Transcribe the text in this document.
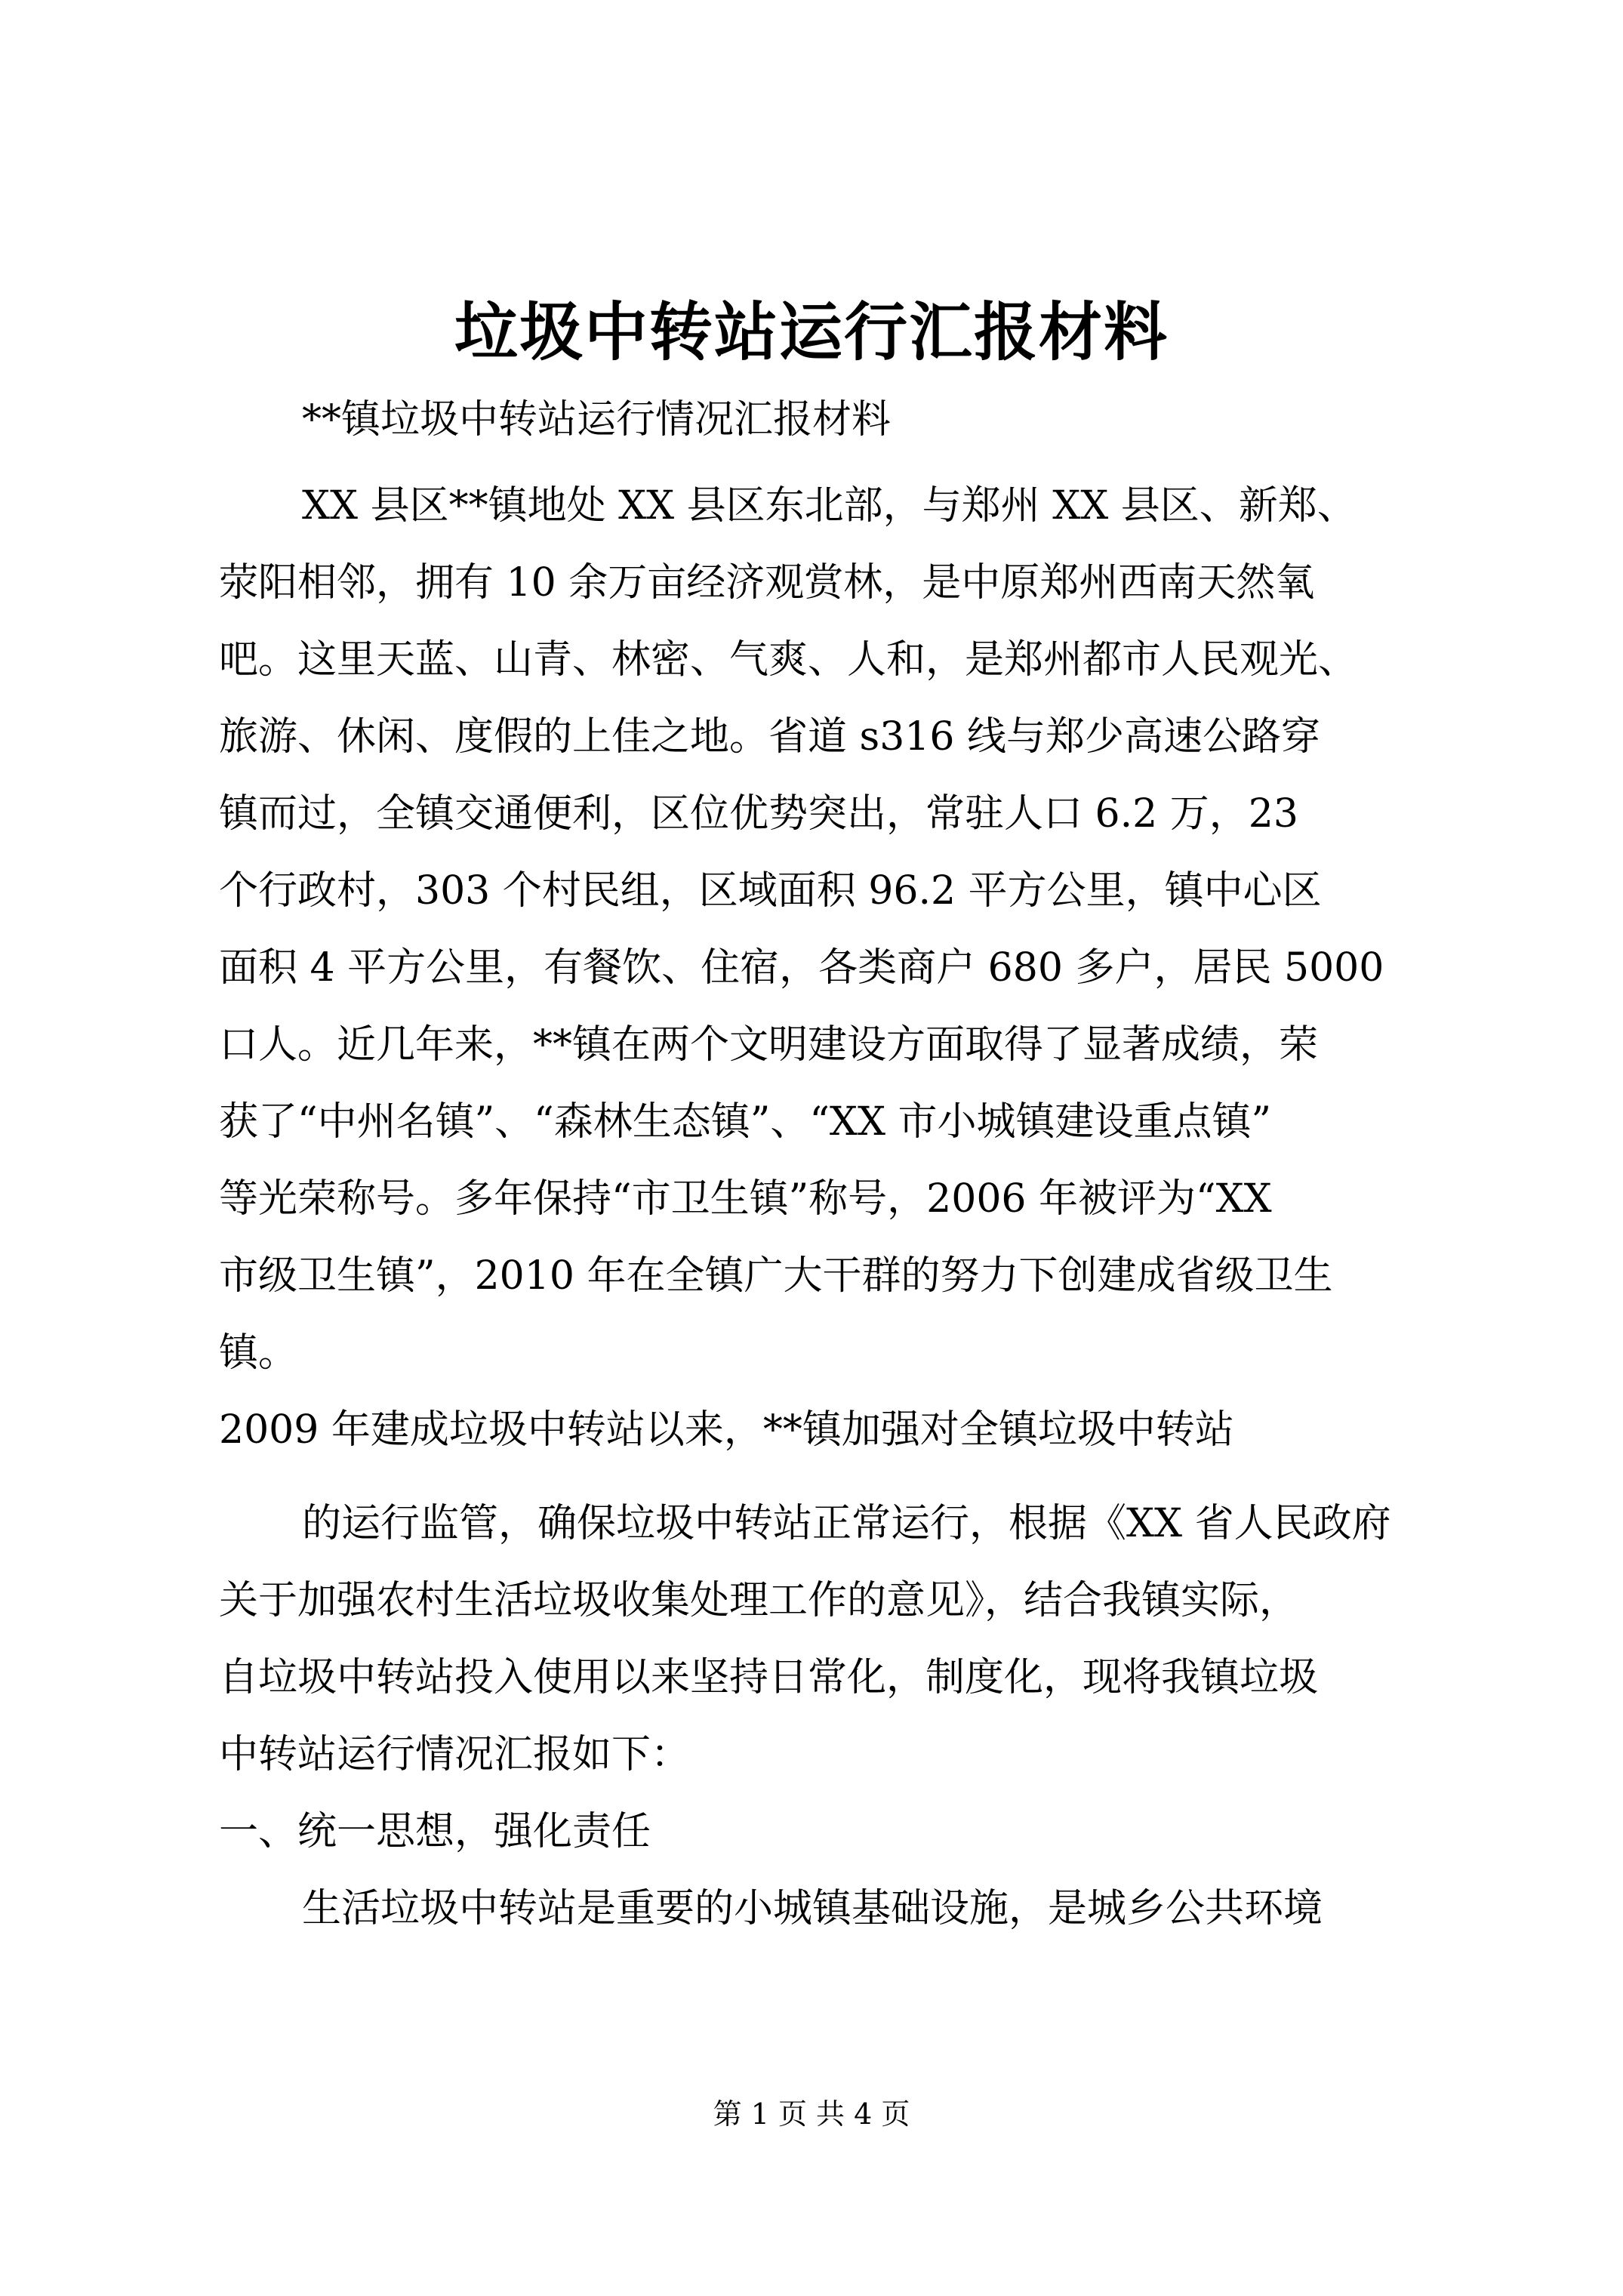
垃圾中转站运行汇报材料
**镇垃圾中转站运行情况汇报材料
XX 县区**镇地处 XX 县区东北部，与郑州 XX 县区、新郑、
荥阳相邻，拥有 10 余万亩经济观赏林，是中原郑州西南天然氧
吧。这里天蓝、山青、林密、气爽、人和，是郑州都市人民观光、
旅游、休闲、度假的上佳之地。省道 s316 线与郑少高速公路穿
镇而过，全镇交通便利，区位优势突出，常驻人口 6.2 万，23
个行政村，303 个村民组，区域面积 96.2 平方公里，镇中心区
面积 4 平方公里，有餐饮、住宿，各类商户 680 多户，居民 5000
口人。近几年来，**镇在两个文明建设方面取得了显著成绩，荣
获了“中州名镇”、“森林生态镇”、“XX 市小城镇建设重点镇”
等光荣称号。多年保持“市卫生镇”称号，2006 年被评为“XX
市级卫生镇”，2010 年在全镇广大干群的努力下创建成省级卫生
镇。
2009 年建成垃圾中转站以来，**镇加强对全镇垃圾中转站
的运行监管，确保垃圾中转站正常运行，根据《XX 省人民政府
关于加强农村生活垃圾收集处理工作的意见》，结合我镇实际，
自垃圾中转站投入使用以来坚持日常化，制度化，现将我镇垃圾
中转站运行情况汇报如下：
一、统一思想，强化责任
生活垃圾中转站是重要的小城镇基础设施，是城乡公共环境
第 1 页 共 4 页
